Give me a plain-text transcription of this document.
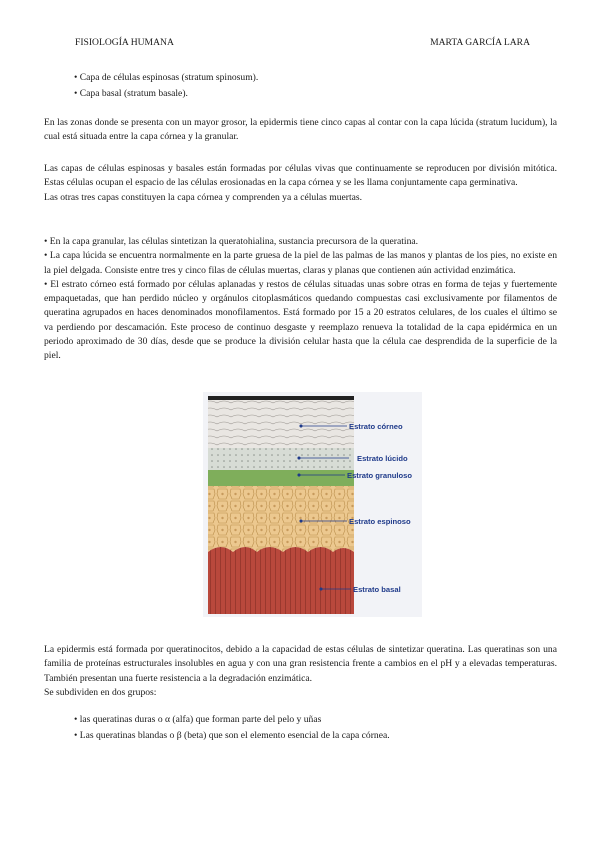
FISIOLOGÍA HUMANA	MARTA GARCÍA LARA

• Capa de células espinosas (stratum spinosum).

• Capa basal (stratum basale).

En las zonas donde se presenta con un mayor grosor, la epidermis tiene cinco capas al contar con la capa lúcida (stratum lucidum), la cual está situada entre la capa córnea y la granular.

Las capas de células espinosas y basales están formadas por células vivas que continuamente se reproducen por división mitótica. Estas células ocupan el espacio de las células erosionadas en la capa córnea y se les llama conjuntamente capa germinativa.

Las otras tres capas constituyen la capa córnea y comprenden ya a células muertas.

• En la capa granular, las células sintetizan la queratohialina, sustancia precursora de la queratina.

• La capa lúcida se encuentra normalmente en la parte gruesa de la piel de las palmas de las manos y plantas de los pies, no existe en la piel delgada. Consiste entre tres y cinco filas de células muertas, claras y planas que contienen aún actividad enzimática.

• El estrato córneo está formado por células aplanadas y restos de células situadas unas sobre otras en forma de tejas y fuertemente empaquetadas, que han perdido núcleo y orgánulos citoplasmáticos quedando compuestas casi exclusivamente por filamentos de queratina agrupados en haces denominados monofilamentos. Está formado por 15 a 20 estratos celulares, de los cuales el último se va perdiendo por descamación. Este proceso de continuo desgaste y reemplazo renueva la totalidad de la capa epidérmica en un periodo aproximado de 30 días, desde que se produce la división celular hasta que la célula cae desprendida de la superficie de la piel.

Estrato córneo
Estrato lúcido
Estrato granuloso
Estrato espinoso
Estrato basal

La epidermis está formada por queratinocitos, debido a la capacidad de estas células de sintetizar queratina. Las queratinas son una familia de proteínas estructurales insolubles en agua y con una gran resistencia frente a cambios en el pH y a elevadas temperaturas. También presentan una fuerte resistencia a la degradación enzimática.

Se subdividen en dos grupos:

• las queratinas duras o α (alfa) que forman parte del pelo y uñas

• Las queratinas blandas o β (beta) que son el elemento esencial de la capa córnea.
